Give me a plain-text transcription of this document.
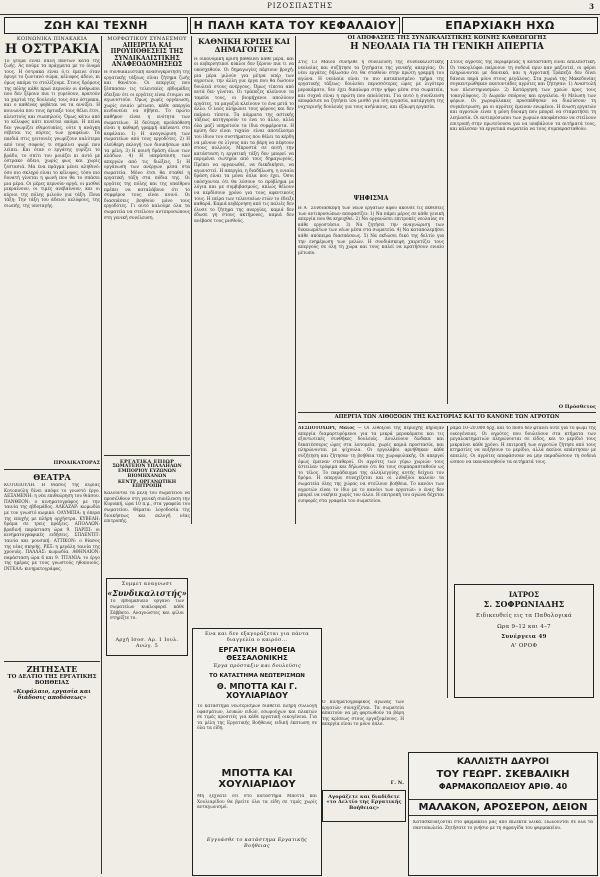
ΡΙΖΟΣΠΑΣΤΗΣ	3
ΖΩΗ ΚΑΙ ΤΕΧΝΗ	Η ΠΑΛΗ ΚΑΤΑ ΤΟΥ ΚΕΦΑΛΑΙΟΥ	ΕΠΑΡΧΙΑΚΗ ΗΧΩ
ΚΟΙΝΩΝΙΚΑ ΠΙΝΑΚΑΚΙΑ
Η ΟΣΤΡΑΚΙΑ
Το γεύμα είναι πάλη πάντων κατά της ζωής. Ας πούμε τα πράγματα με το όνομά τους. Η όστρακα είναι ό,τι έμεινε όταν έφυγε το ζωντανό σώμα, κέλυφος άδειο, κι όμως ακόμα το στολίζουμε. Στους δρόμους της πόλης κάθε πρωί περνούν οι άνθρωποι που δεν ξέρουν πια τι γυρεύουν, κρατούν τα χαρτιά της δουλειάς τους σαν όστρακα, και ο καθένας φοβάται να τα ανοίξει. Η κοινωνία που τους έφτιαξε τους θέλει έτσι, κλειστούς και σιωπηλούς. Όμως κάτω από το κέλυφος κάτι κινείται ακόμα. Η πείνα δεν γνωρίζει εθιμοτυπίες, ούτε η ανάγκη σέβεται τις πόρτες των γραφείων. Τα παιδιά στις γειτονιές γνωρίζουν καλύτερα από τους σοφούς τι σημαίνει ψωμί που λείπει. Και όταν ο εργάτης γυρίζει το βράδυ, το σπίτι του μοιάζει κι αυτό με όστρακο άδειο, χωρίς φως και χωρίς ζεστασιά. Μα ένα πράγμα μένει αληθινό: όσο πιο σκληρό είναι το κέλυφος, τόσο πιο δυνατή γίνεται η φωνή που θα το σπάσει μια μέρα. Οι μέρες περνούν αργά, οι μισθοί μικραίνουν, οι τιμές ανεβαίνουν, και οι κύριοι της πόλης μιλούν για τάξη. Ποια τάξη; Την τάξη του άδειου κελύφους, της σιωπής, της υποταγής.
ΠΡΟΔΙΚΑΤΟΡΑΣ
ΘΕΑΤΡΑ
ΚΟΤΟΠΟΥΛΗ. Η θίασος της κυρίας Κοτοπούλη δίνει απόψε το γνωστό έργο. ΔΕΞΑΜΕΝΗ: η νέα επιθεώρηση του θιάσου. ΠΑΝΘΕΟΝ: ο κινηματογράφος με την ταινία της εβδομάδος. ΑΛΚΑΖΑΡ: κωμωδία με τον γνωστό κωμικό. ΟΛΥΜΠΙΑ: η όπερα της εποχής με πλήρη ορχήστρα. ΚΥΒΕΛΗ: δράμα σε τρεις πράξεις. ΑΠΟΛΛΩΝ: βραδινή παράσταση ώρα 9. ΠΑΡΙΣΙ: οι κινηματογραφικές ειδήσεις. ΣΠΛΕΝΤΙΤ: ταινία και μουσική. ΑΤΤΙΚΟΝ: ο θίασος της νέας σκηνής. ΡΕΞ: η μεγάλη ταινία της χρονιάς. ΠΑΛΛΑΣ: κωμωδία. ΑΘΗΝΑΙΟΝ: παράσταση ώρα 6 και 9. ΤΙΤΑΝΙΑ: το έργο της ημέρας με τους γνωστούς ηθοποιούς. ΙΝΤΕΑΛ: κινηματογράφος.
ΖΗΤΗΣΑΤΕ
ΤΟ ΔΕΛΤΙΟ ΤΗΣ ΕΡΓΑΤΙΚΗΣ ΒΟΗΘΕΙΑΣ
«Κεφάλαιο, εργασία και διάδοσις αποδόσεως»
ΜΟΡΦΩΤΙΚΟΥ ΣΥΝΔΕΣΜΟΥ
ΑΠΕΙΡΓΙΑ ΚΑΙ ΠΡΟΥΠΟΘΕΣΕΙΣ ΤΗΣ ΣΥΝΔΙΚΑΛΙΣΤΙΚΗΣ ΑΝΑΦΕΟΔΟΜΗΣΕΩΣ
Η συνδικαλιστική ανασυγκρότηση της εργατικής τάξεως είναι ζήτημα ζωής και θανάτου. Οι απεργίες που ξέσπασαν τις τελευταίες εβδομάδες έδειξαν ότι οι εργάτες είναι έτοιμοι να αγωνιστούν. Όμως χωρίς οργάνωση, χωρίς ενιαίο μέτωπο, κάθε απεργία κινδυνεύει να σβήσει. Το πρώτο καθήκον είναι η ενότητα των σωματείων. Η δεύτερη προϋπόθεση είναι η καθαρή γραμμή απέναντι στο κεφάλαιο. 1) Η αναγνώριση των σωματείων από τους εργοδότες. 2) Η ελεύθερη εκλογή των διοικήσεων από τα μέλη. 3) Η κοινή δράση όλων των κλάδων. 4) Η υπεράσπιση των απεργών από τις διώξεις. 5) Η οργάνωση των ανέργων μέσα στα σωματεία. Μόνο έτσι θα σταθεί η εργατική τάξη στα πόδια της. Οι εργάτες της πόλης και της υπαίθρου πρέπει να καταλάβουν ότι το συμφέρον τους είναι κοινό. Οι διασπάσεις βοηθούν μόνο τους εργοδότες. Γι αυτό καλούμε όλα τα σωματεία να στείλουν αντιπροσώπους στη γενική συνέλευση.
ΕΡΓΑΤΙΚΑ ΕΠΙΩΡ
ΣΩΜΑΤΕΙΟΝ ΥΠΑΛΛΗΛΩΝ ΕΜΠΟΡΙΟΥ ΕΥΖΩΝΩΝ ΒΙΟΜΗΧΑΝΩΝ
ΚΕΝΤΡ. ΟΡΓΑΝΩΤΙΚΗ ΕΠΙΤΡΟΠΗ
Καλούνται τα μέλη του σωματείου να προσέλθουν στη γενική συνέλευση την Κυριακή, ώρα 10 π.μ., στα γραφεία του σωματείου. Θέματα: λογοδοσία της διοικήσεως και εκλογή νέας επιτροπής.
Συμμετ αναγνωστ
«Συνδικαλιστής»
Το εβδομαδιαίο όργανο των σωματείων κυκλοφορεί κάθε Σάββατο. Αναγνώστες και φίλοι στηρίξτε το.
Αρχή Ισοσ. Αρ. 1 Ιουλ. Ανώγ. 5
ΚΑΘΝΙΚΗ ΚΡΙΣΗ ΚΑΙ ΔΗΜΑΓΟΓΙΕΣ
Η οικονομική κρίση βαθαίνει κάθε μέρα, και οι κυβερνητικοί κύκλοι δεν ξέρουν πια τι να υποσχεθούν. Οι δημαγωγίες πέφτουν βροχή: μια μέρα μιλούν για μέτρα υπέρ των αγροτών, την άλλη για έργα που θα δώσουν δουλειά στους ανέργους. Όμως τίποτα από αυτά δεν γίνεται. Οι τράπεζες κλείνουν τα ταμεία τους, οι βιομήχανοι απολύουν εργάτες, τα μαγαζιά κλείνουν το ένα μετά το άλλο. Ο λαός πληρώνει τους φόρους και δεν παίρνει τίποτα. Τα κόμματα της αστικής τάξεως κατηγορούν το ένα το άλλο, αλλά όλα μαζί υπηρετούν τα ίδια συμφέροντα. Η κρίση δεν είναι τυχαία· είναι αποτέλεσμα του ίδιου του συστήματος που θέλει τα κέρδη να μένουν σε λίγους και τα βάρη να πέφτουν στους πολλούς. Μπροστά σε αυτή την κατάσταση η εργατική τάξη δεν μπορεί να περιμένει σωτηρία από τους δημαγωγούς. Πρέπει να οργανωθεί, να διεκδικήσει, να αγωνιστεί. Η απεργία, η διαδήλωση, η ενιαία δράση είναι τα μόνα όπλα που έχει. Όσοι υπόσχονται ότι θα λύσουν το πρόβλημα με λόγια και με συμβιβασμούς, απλώς θέλουν να κερδίσουν χρόνο για τους αφεντικούς τους. Η πείρα των τελευταίων ετών το έδειξε καθαρά. Καμιά κυβέρνηση από τις παλιές δεν έλυσε το ζήτημα της ανεργίας, καμιά δεν έδωσε γη στους ακτήμονες, καμιά δεν ανέβασε τους μισθούς.
ΟΙ ΑΠΟΦΑΣΕΙΣ ΤΗΣ ΣΥΝΔΙΚΑΛΙΣΤΙΚΗΣ ΚΟΙΝΗΣ ΚΑΘΕΩΓΩΓΗΣ
Η ΝΕΟΛΑΙΑ ΓΙΑ ΤΗ ΓΕΝΙΚΗ ΑΠΕΡΓΙΑ
Στις 13 Μαΐου συνήλθε η συνέλευση της συνδικαλιστικής νεολαίας και συζήτησε τα ζητήματα της γενικής απεργίας. Οι νέοι εργάτες δήλωσαν ότι θα σταθούν στην πρώτη γραμμή του αγώνα. Η νεολαία είναι το πιο καταπιεσμένο τμήμα της εργατικής τάξεως· δουλεύει περισσότερες ώρες με λιγότερο μεροκάματο, δεν έχει δικαίωμα στην ψήφο μέσα στα σωματεία, και συχνά είναι η πρώτη που απολύεται. Για αυτό η συνέλευση αποφάσισε να ζητήσει ίσο μισθό για ίση εργασία, κατάργηση της νυχτερινής δουλειάς για τους ανήλικους, και εξάωρη εργασία.
ΨΗΦΙΣΜΑ
Η Α΄ Συνδιάσκεψη των νέων εργατών αφού άκουσε τις εκθέσεις των αντιπροσώπων αποφασίζει: 1) Να πάρει μέρος σε κάθε γενική απεργία που θα κηρυχθεί. 2) Να οργανώσει επιτροπές νεολαίας σε κάθε εργοστάσιο. 3) Να ζητήσει την αναγνώριση των δικαιωμάτων των νέων μέσα στα σωματεία. 4) Να καταπολεμήσει κάθε απόπειρα διασπάσεως. 5) Να εκδώσει δικό της δελτίο για την ενημέρωση των μελών. Η συνδιάσκεψη χαιρετίζει τους απεργούς σε όλη τη χώρα και τους καλεί να κρατήσουν ενιαίο μέτωπο.
Στους αγρότες της περιφέρειας η κατάσταση είναι απελπιστική. Οι τοκογλύφοι παίρνουν τη σοδειά πριν καν μαζευτεί, οι φόροι πληρώνονται με δανεικά, και η Αγροτική Τράπεζα δεν δίνει δάνεια παρά μόνο στους μεγάλους. Στα χωριά της Μακεδονίας συγκεντρώθηκαν εκατοντάδες αγρότες και ζήτησαν: 1) Αναστολή των πλειστηριασμών. 2) Κατάργηση των χρεών προς τους τοκογλύφους. 3) Δωρεάν σπόρους και εργαλεία. 4) Μείωση των φόρων. Οι χωροφύλακες προσπάθησαν να διαλύσουν τη συγκέντρωση, μα οι αγρότες έμειναν ενωμένοι. Η ένωση εργατών και αγροτών είναι η μόνη δύναμη που μπορεί να σταματήσει τη λεηλασία. Οι αντιπρόσωποι των χωριών αποφάσισαν να στείλουν επιτροπή στην πρωτεύουσα για να υποβάλουν τα αιτήματά τους, και κάλεσαν τα εργατικά σωματεία να τους συμπαρασταθούν.
Ο Πρόσθετος
ΑΠΕΡΓΙΑ ΤΩΝ ΛΙΘΟΞΟΩΝ ΤΗΣ ΚΑΣΤΟΡΙΑΣ ΚΑΙ ΤΟ ΚΑΝΟΝΕ ΤΩΝ ΑΓΡΟΤΩΝ
ΔΕΣΠΟΤΟΧΩΡΙ, Μάιος — Οι λιθοξόοι της περιοχής κήρυξαν απεργία διαμαρτυρόμενοι για τα μικρά μεροκάματα και τις εξοντωτικές συνθήκες δουλειάς. Δουλεύουν δώδεκα και δεκατέσσερις ώρες στα λατομεία, χωρίς καμιά προστασία, και πληρώνονται με ψίχουλα. Οι εργολάβοι αρνήθηκαν κάθε συζήτηση και ζήτησαν τη βοήθεια της χωροφυλακής. Οι απεργοί όμως έμειναν σταθεροί. Οι αγρότες των γύρω χωριών τους έστειλαν τρόφιμα και δήλωσαν ότι θα τους συμπαρασταθούν ως το τέλος. Το παράδειγμα της αλληλεγγύης αυτής δείχνει τον δρόμο. Η απεργία συνεχίζεται και οι λιθοξόοι καλούν τα σωματεία όλης της χώρας να στείλουν βοήθεια. Το κανόνι των αγροτών είναι το ίδιο με το κανόνι των εργατών: ο ένας δεν μπορεί να νικήσει χωρίς τον άλλο. Η επιτροπή του αγώνα δέχεται εισφορές στα γραφεία του σωματείου.
ραμα 10–20.000 δρχ. και το ποσό δεν φτάνει ούτε για το ψωμί της οικογένειας. Οι αγρότες που δουλεύουν στα κτήματα των μεγαλοκτηματιών πληρώνονται σε είδος, και το μερίδιό τους μικραίνει κάθε χρόνο. Η επιτροπή των αγροτών ζήτησε από τους κτηματίες να αυξήσουν το μερίδιο, αλλά εκείνοι απάντησαν με απειλές. Οι αγρότες αποφάσισαν να μην παραδώσουν τη σοδειά ώσπου να ικανοποιηθούν τα αιτήματά τους.
ΙΑΤΡΟΣ
Σ. ΣΟΦΡΩΝΙΑΔΗΣ
Ειδικευθείς εις τα Παθολογικά
Ωρα 9–12 και 4–7
Συνέργεια 49
Α' ΟΡΟΦ
Ενα και δεν εξαγοράζεται για πάντα διαγγελία ο καιρόσ...
ΕΡΓΑΤΙΚΗ ΒΟΗΘΕΙΑ ΘΕΣΣΑΛΟΝΙΚΗΣ
Έργα πρόσταξιν και δουλεύσις
ΤΟ ΚΑΤΑΣΤΗΜΑ ΝΕΩΤΕΡΙΣΜΩΝ
Θ. ΜΠΟΤΤΑ ΚΑΙ Γ. ΧΟΥΛΙΑΡΙΔΟΥ
Το κατάστημα νεωτερισμών διαθέτει πλήρη συλλογή υφασμάτων, λευκών ειδών, εσωρούχων και πλεκτών σε τιμές προσιτές για κάθε εργατική οικογένεια. Για τα μέλη της Εργατικής Βοήθειας ειδική έκπτωση σε όλα τα είδη.
ΜΠΟΤΤΑ ΚΑΙ ΧΟΥΛΙΑΡΙΔΟΥ
Μη ξεχνάτε ότι στο κατάστημα Μπόττα και Χουλιαρίδου θα βρείτε όλα τα είδη σε τιμές χωρίς ανταγωνισμό.
Εγγυάσθε το κατάστημα Εργατικής Βοήθειας
Αγοράζετε και διαδίδετε «το Δελτίο της Εργατικής Βοήθειας»
Γ. Ν.
Ο κινηματογραφικός αγώνας των εργατών συνεχίζεται. Τα σωματεία απαιτούν να μη φορτωθούν τα βάρη της κρίσεως στους εργαζομένους. Η απεργία είναι το μόνο όπλο.
ΚΑΛΛΙΣΤΗ ΔΑΥΡΟΙ
ΤΟΥ ΓΕΩΡΓ. ΣΚΕΒΑΛΙΚΗ
ΦΑΡΜΑΚΟΠΩΛΕΙΟΥ ΑΡΙΘ. 40
ΜΑΛΑΚΟΝ, ΑΡΟΣΕΡΟΝ, ΔΕΙΟΝ
Κατασκευάζονται στο φαρμακείο μας από εκλεκτά υλικά. Πωλούνται σε όλα τα παντοπωλεία. Ζητήσατε το γνήσιο με τη σφραγίδα του φαρμακείου.
